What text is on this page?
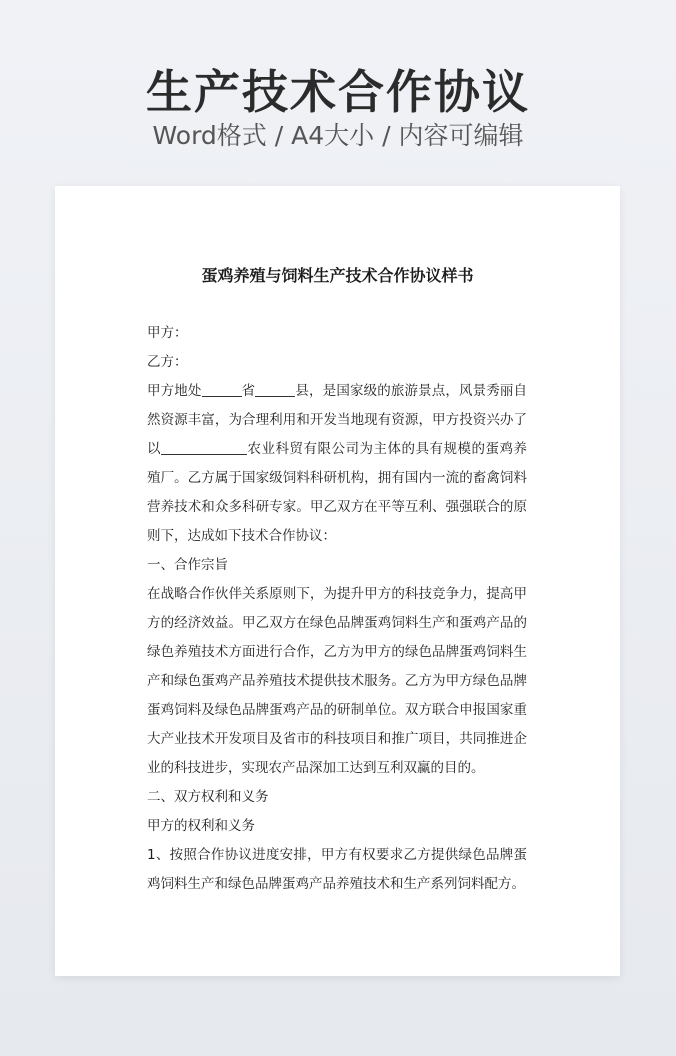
生产技术合作协议
Word格式 / A4大小 / 内容可编辑
蛋鸡养殖与饲料生产技术合作协议样书

甲方：

乙方：

甲方地处	省	县，是国家级的旅游景点，风景秀丽自然资源丰富，为合理利用和开发当地现有资源，甲方投资兴办了以	农业科贸有限公司为主体的具有规模的蛋鸡养殖厂。乙方属于国家级饲料科研机构，拥有国内一流的畜禽饲料营养技术和众多科研专家。甲乙双方在平等互利、强强联合的原则下，达成如下技术合作协议：

一、合作宗旨

在战略合作伙伴关系原则下，为提升甲方的科技竞争力，提高甲方的经济效益。甲乙双方在绿色品牌蛋鸡饲料生产和蛋鸡产品的绿色养殖技术方面进行合作，乙方为甲方的绿色品牌蛋鸡饲料生产和绿色蛋鸡产品养殖技术提供技术服务。乙方为甲方绿色品牌蛋鸡饲料及绿色品牌蛋鸡产品的研制单位。双方联合申报国家重大产业技术开发项目及省市的科技项目和推广项目，共同推进企业的科技进步，实现农产品深加工达到互利双赢的目的。

二、双方权利和义务

甲方的权利和义务

1、按照合作协议进度安排，甲方有权要求乙方提供绿色品牌蛋鸡饲料生产和绿色品牌蛋鸡产品养殖技术和生产系列饲料配方。
